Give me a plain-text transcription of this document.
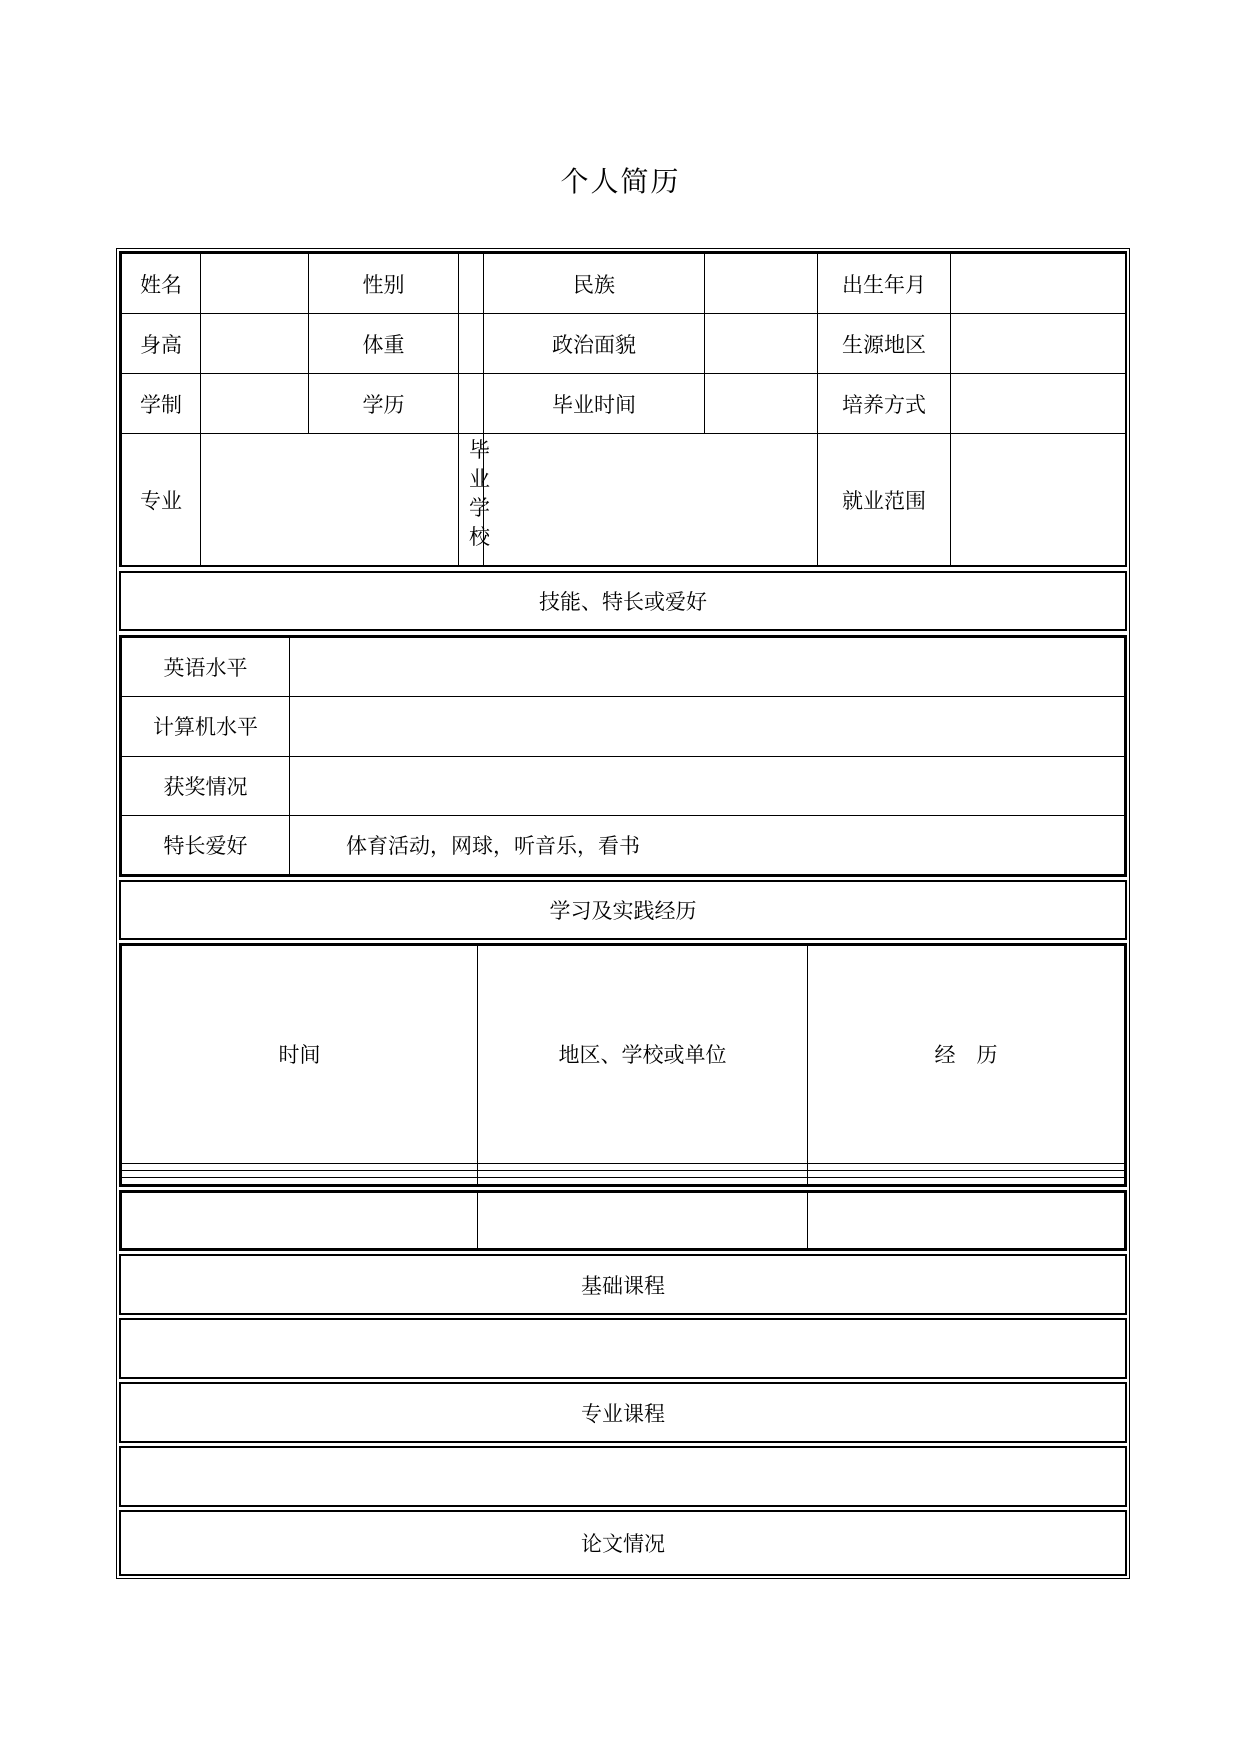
个人简历
姓名		性别		民族		出生年月	
身高		体重		政治面貌		生源地区	
学制		学历		毕业时间		培养方式	
专业			毕业学校			就业范围	
技能、特长或爱好
英语水平	
计算机水平	
获奖情况	
特长爱好	体育活动，网球，听音乐，看书
学习及实践经历
时间	地区、学校或单位	经　历

基础课程
专业课程
论文情况
